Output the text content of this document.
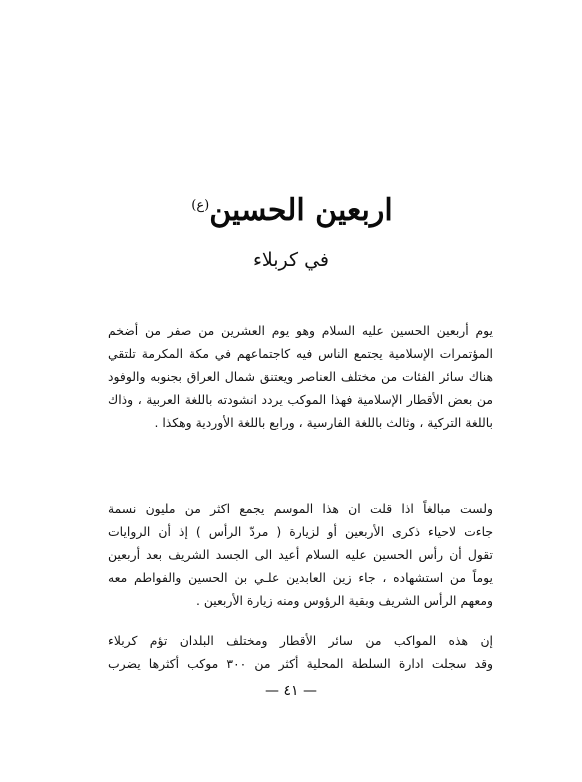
اربعين الحسين$^{(ع)}$
في كربلاء
يوم أربعين الحسين عليه السلام وهو يوم العشرين من صفر من أضخم
المؤتمرات الإسلامية يجتمع الناس فيه كاجتماعهم في مكة المكرمة تلتقي
هناك سائر الفئات من مختلف العناصر ويعتنق شمال العراق بجنوبه والوفود
من بعض الأقطار الإسلامية فهذا الموكب يردد انشودته باللغة العربية ، وذاك
باللغة التركية ، وثالث باللغة الفارسية ، ورابع باللغة الأوردية وهكذا .
ولست مبالغاً اذا قلت ان هذا الموسم يجمع اكثر من مليون نسمة
جاءت لاحياء ذكرى الأربعين أو لزيارة ( مردّ الرأس ) إذ أن الروايات
تقول أن رأس الحسين عليه السلام أعيد الى الجسد الشريف بعد أربعين
يوماً من استشهاده ، جاء زين العابدين علـي بن الحسين والفواطم معه
ومعهم الرأس الشريف وبقية الرؤوس ومنه زيارة الأربعين .
إن هذه المواكب من سائر الأقطار ومختلف البلدان تؤم كربلاء
وقد سجلت ادارة السلطة المحلية أكثر من ٣٠٠ موكب أكثرها يضرب
— ٤١ —
